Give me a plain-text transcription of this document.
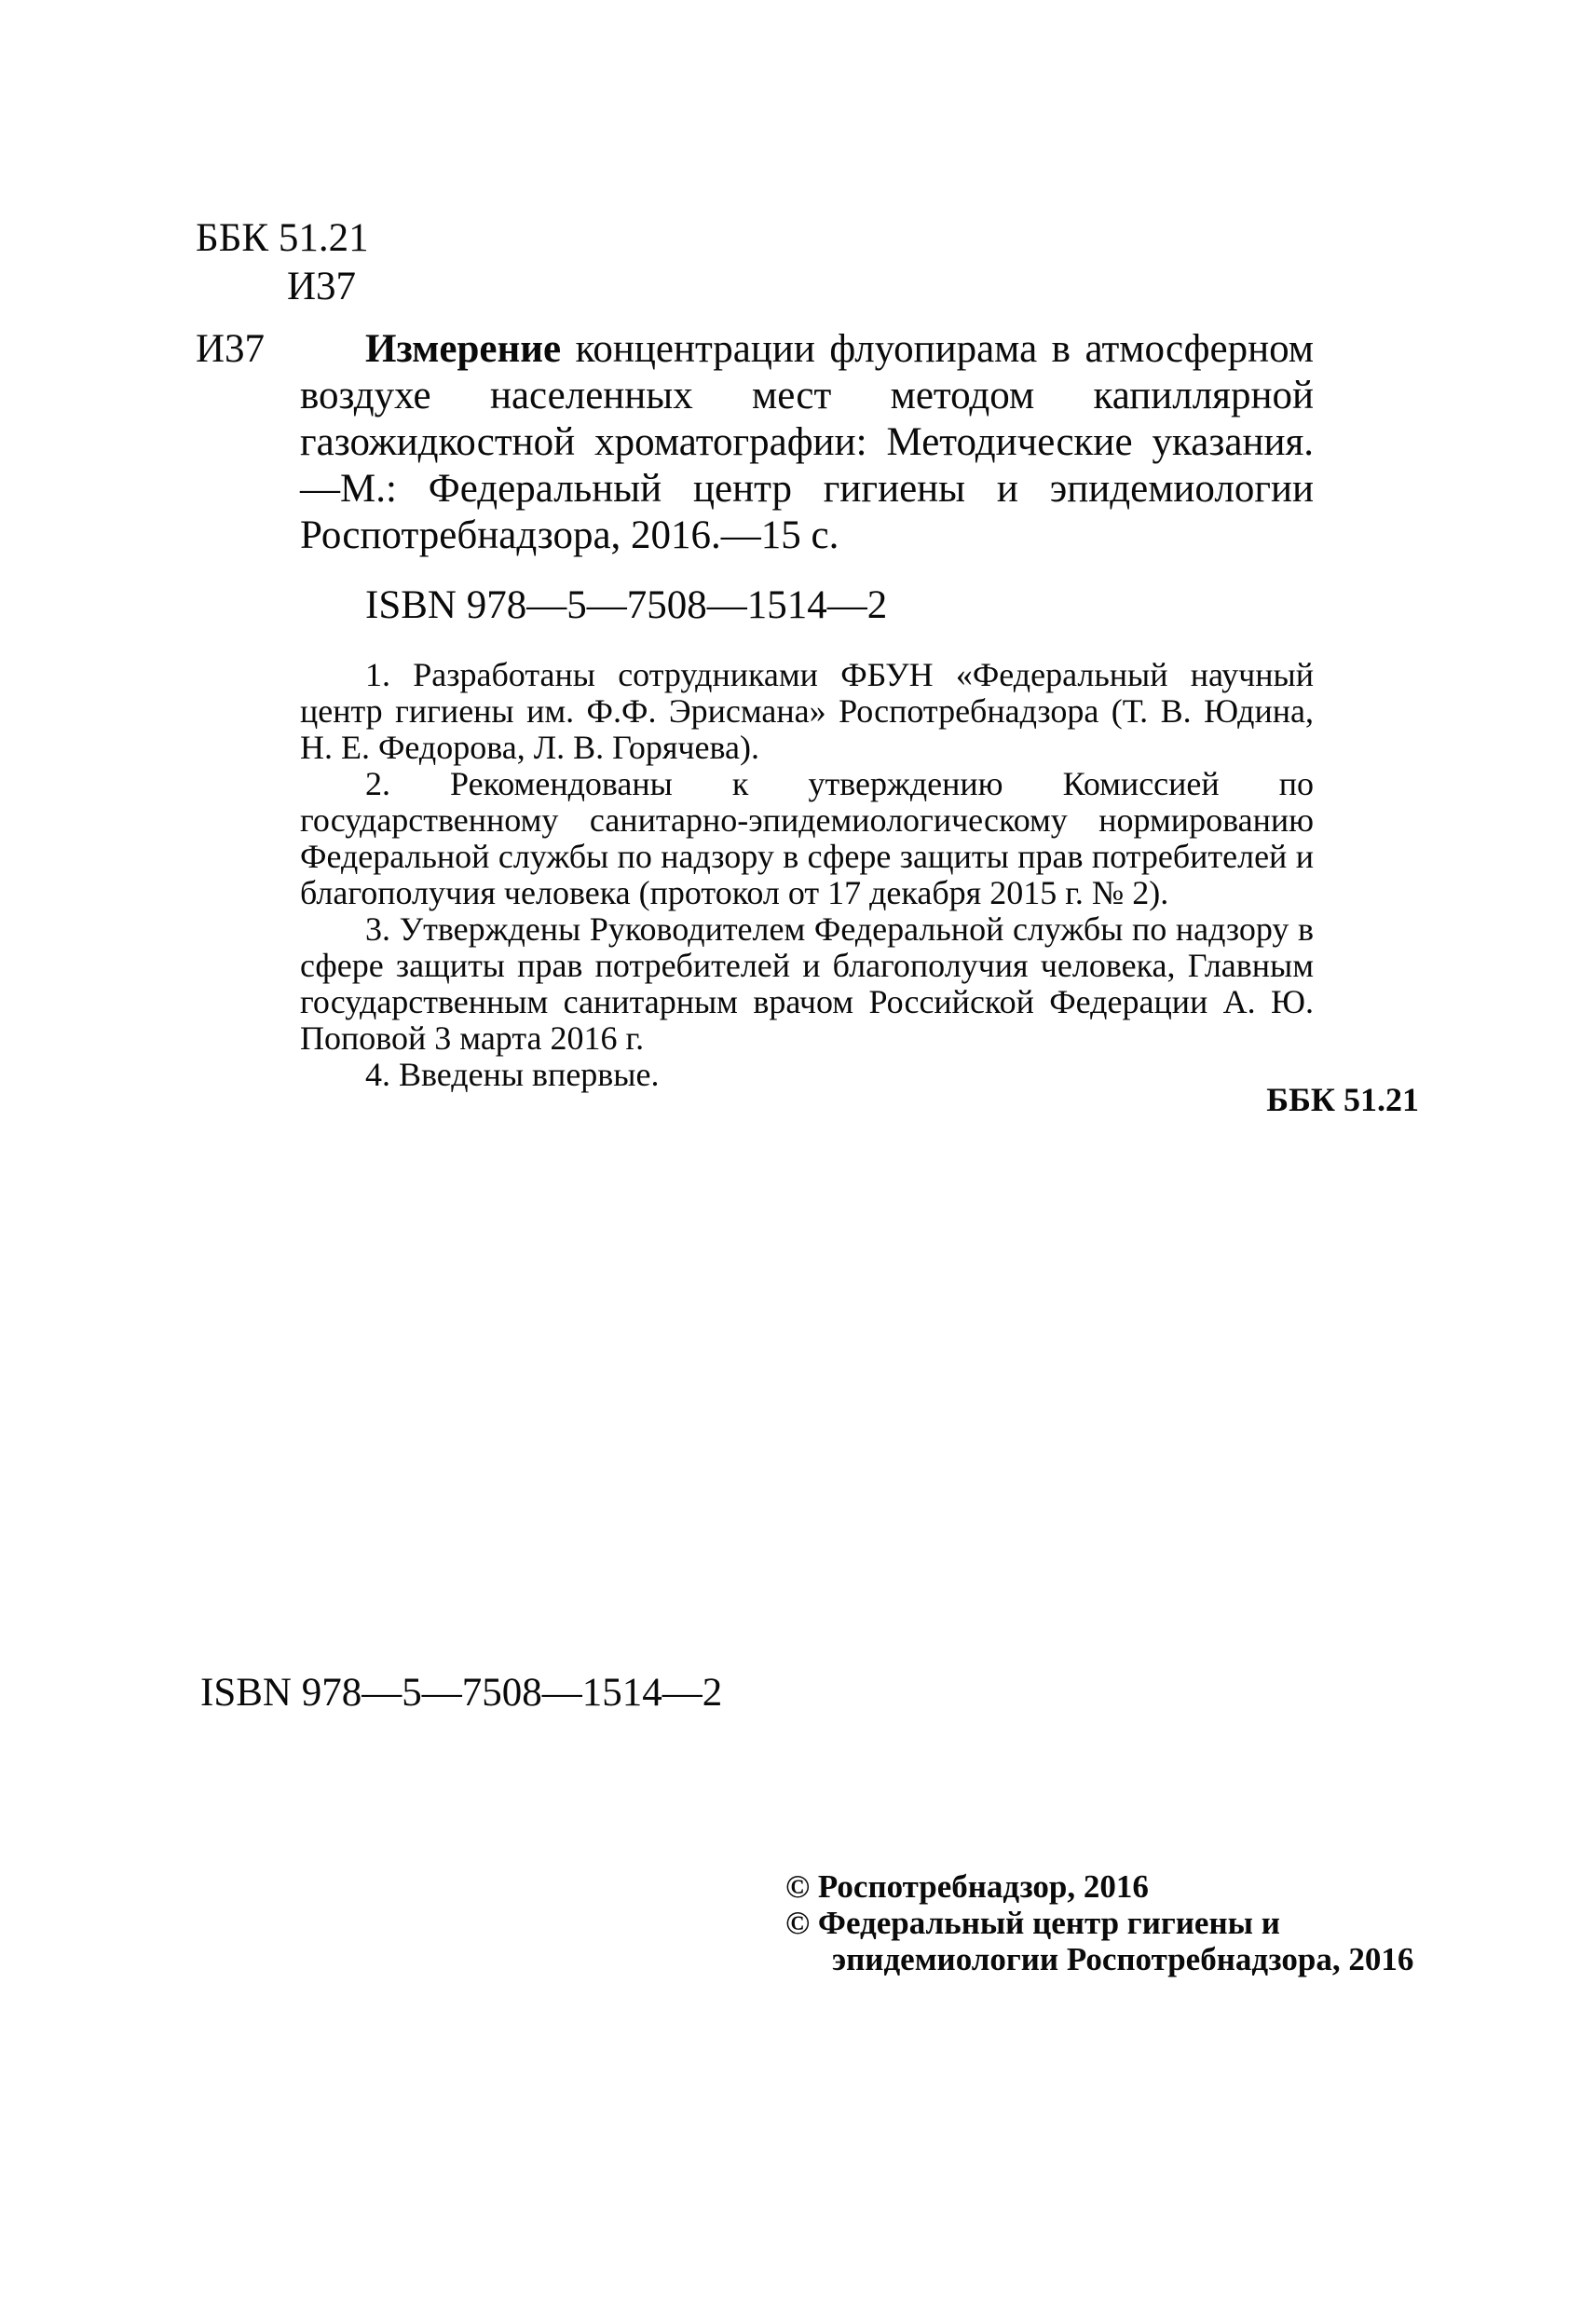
ББК 51.21
И37
И37	Измерение концентрации флуопирама в атмосферном воздухе населенных мест методом капиллярной газожидкостной хроматографии: Методические указания.—М.: Федеральный центр гигиены и эпидемиологии Роспотребнадзора, 2016.—15 с.
ISBN 978—5—7508—1514—2

1. Разработаны сотрудниками ФБУН «Федеральный научный центр гигиены им. Ф.Ф. Эрисмана» Роспотребнадзора (Т. В. Юдина, Н. Е. Федорова, Л. В. Горячева).

2. Рекомендованы к утверждению Комиссией по государственному санитарно-эпидемиологическому нормированию Федеральной службы по надзору в сфере защиты прав потребителей и благополучия человека (протокол от 17 декабря 2015 г. № 2).

3. Утверждены Руководителем Федеральной службы по надзору в сфере защиты прав потребителей и благополучия человека, Главным государственным санитарным врачом Российской Федерации А. Ю. Поповой 3 марта 2016 г.

4. Введены впервые.

ББК 51.21
ISBN 978—5—7508—1514—2
© Роспотребнадзор, 2016
© Федеральный центр гигиены и
эпидемиологии Роспотребнадзора, 2016
